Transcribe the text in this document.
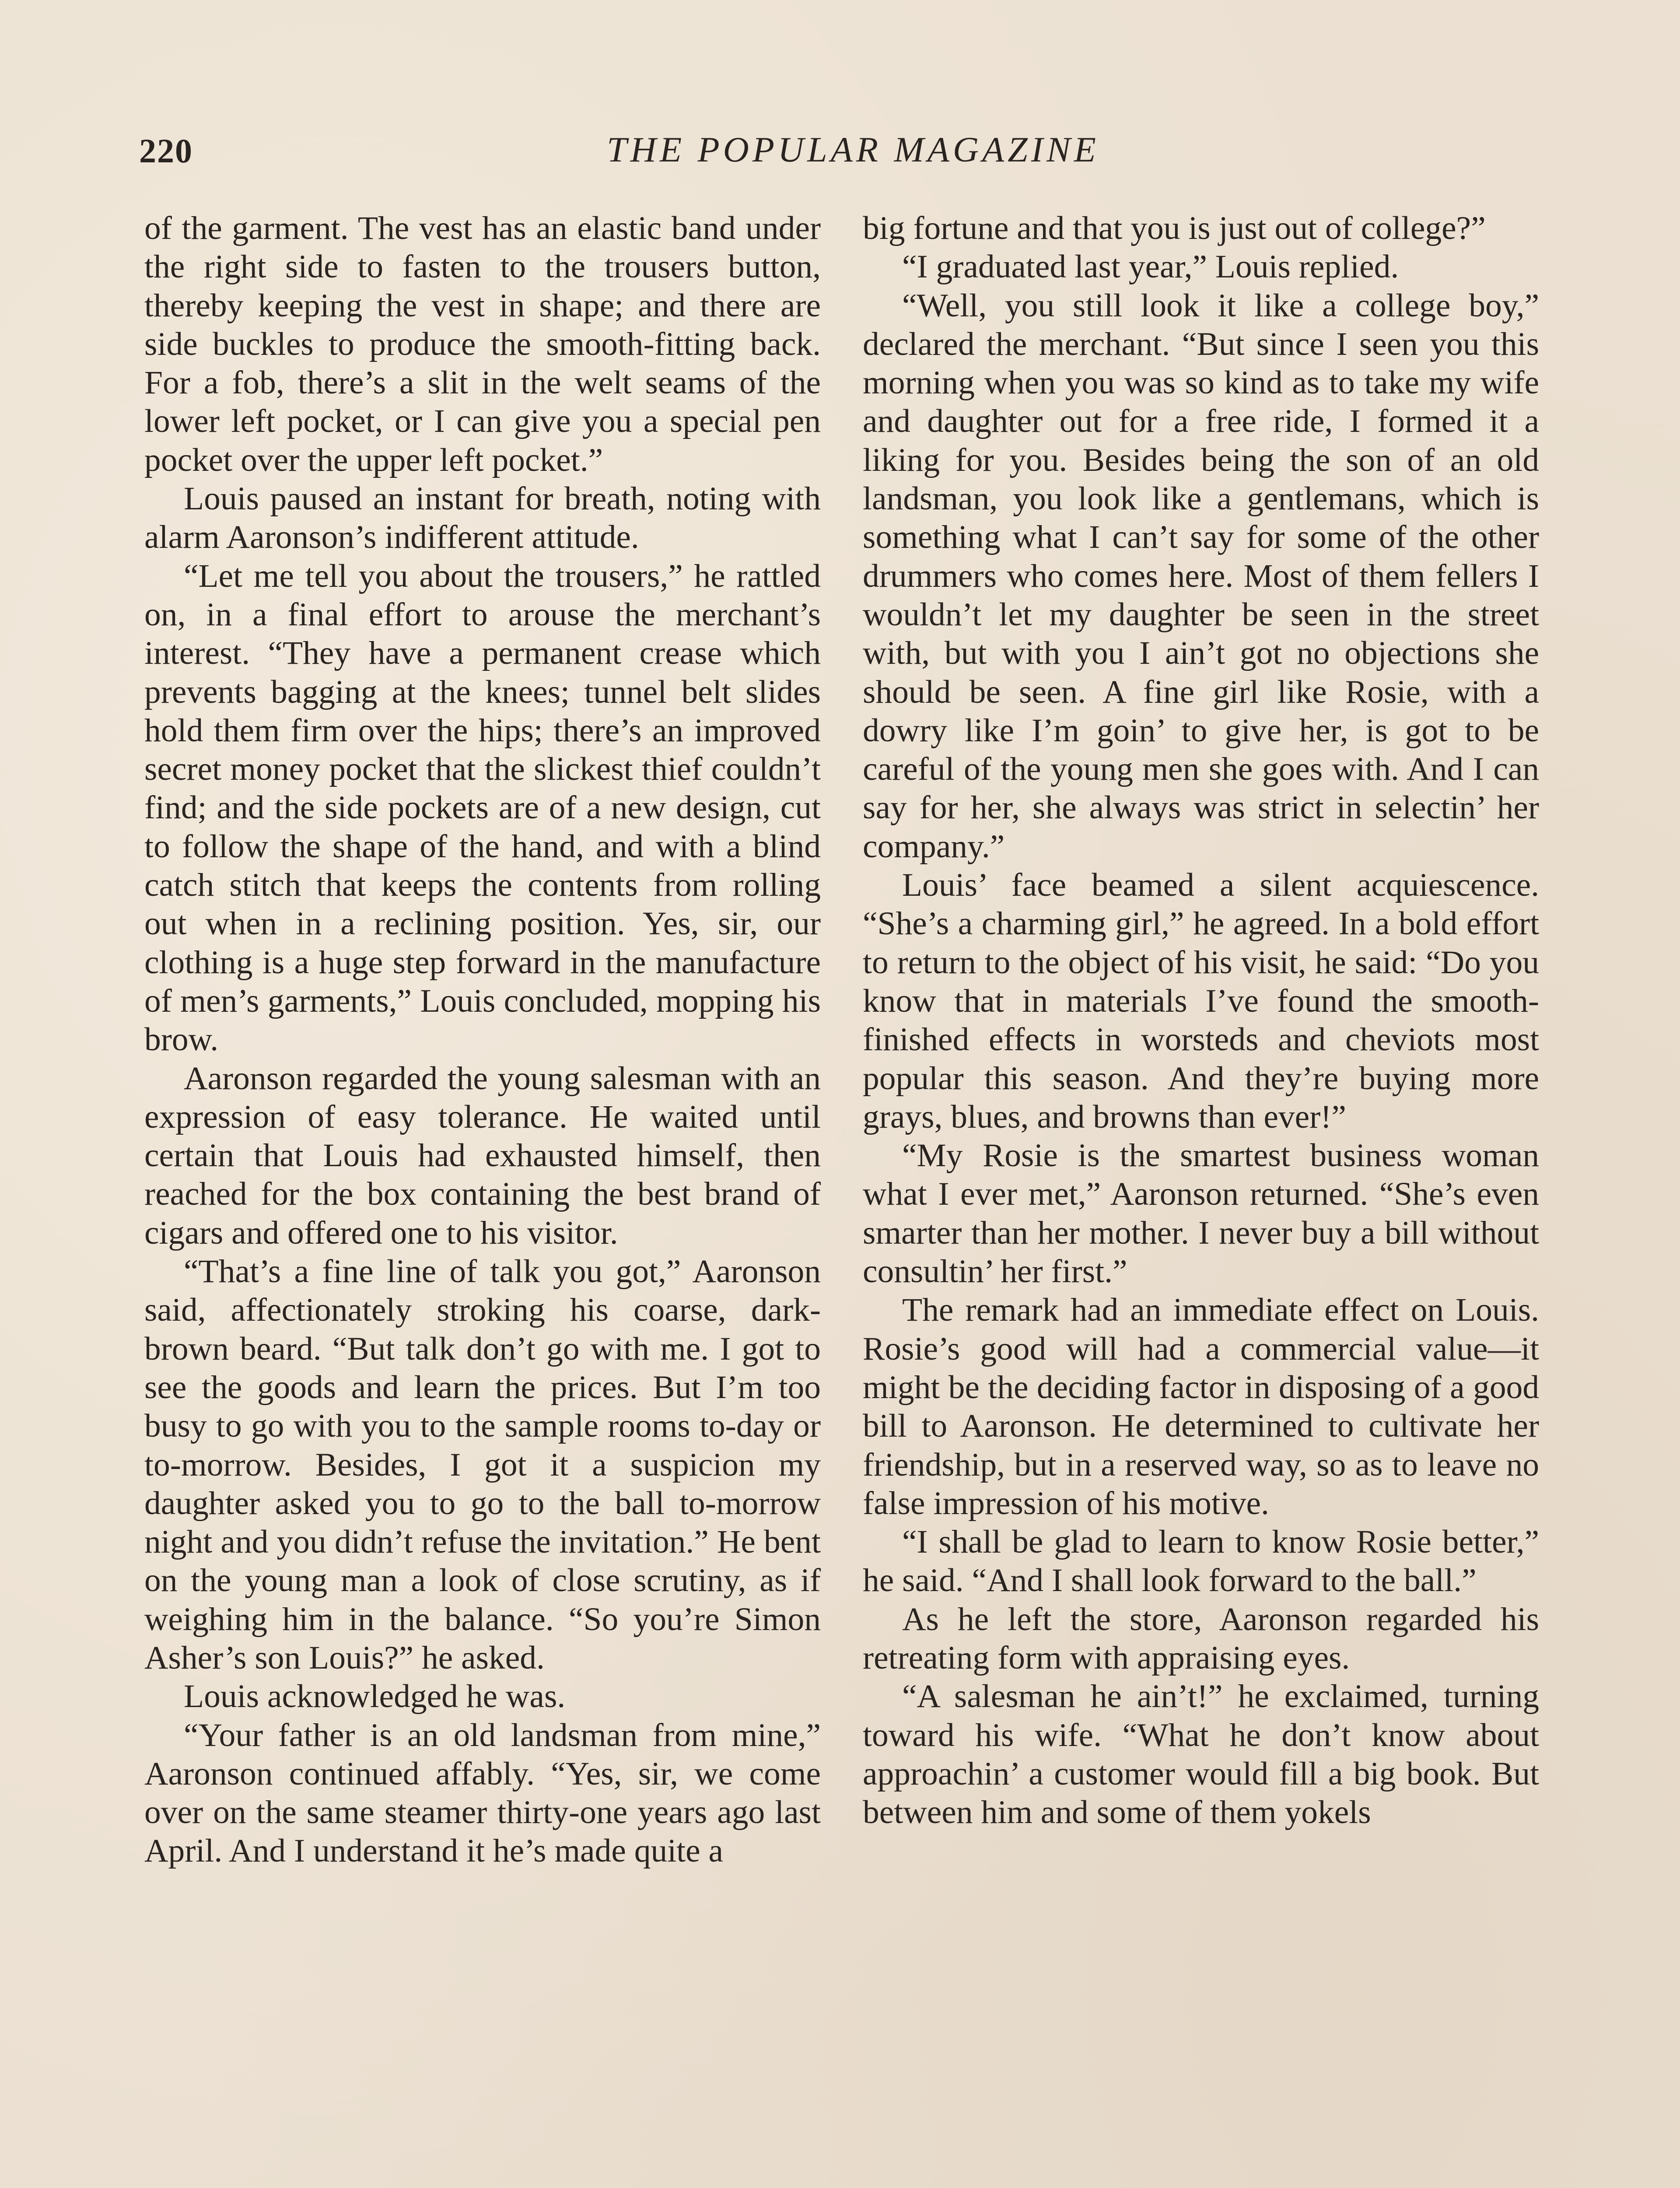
220	THE POPULAR MAGAZINE

of the garment. The vest has an elastic band under the right side to fasten to the trousers button, thereby keeping the vest in shape; and there are side buckles to produce the smooth-fitting back. For a fob, there’s a slit in the welt seams of the lower left pocket, or I can give you a special pen pocket over the upper left pocket.”

Louis paused an instant for breath, noting with alarm Aaronson’s indifferent attitude.

“Let me tell you about the trousers,” he rattled on, in a final effort to arouse the merchant’s interest. “They have a permanent crease which prevents bagging at the knees; tunnel belt slides hold them firm over the hips; there’s an improved secret money pocket that the slickest thief couldn’t find; and the side pockets are of a new design, cut to follow the shape of the hand, and with a blind catch stitch that keeps the contents from rolling out when in a reclining position. Yes, sir, our clothing is a huge step forward in the manufacture of men’s garments,” Louis concluded, mopping his brow.

Aaronson regarded the young salesman with an expression of easy tolerance. He waited until certain that Louis had exhausted himself, then reached for the box containing the best brand of cigars and offered one to his visitor.

“That’s a fine line of talk you got,” Aaronson said, affectionately stroking his coarse, dark-brown beard. “But talk don’t go with me. I got to see the goods and learn the prices. But I’m too busy to go with you to the sample rooms to-day or to-morrow. Besides, I got it a suspicion my daughter asked you to go to the ball to-morrow night and you didn’t refuse the invitation.” He bent on the young man a look of close scrutiny, as if weighing him in the balance. “So you’re Simon Asher’s son Louis?” he asked.

Louis acknowledged he was.

“Your father is an old landsman from mine,” Aaronson continued affably. “Yes, sir, we come over on the same steamer thirty-one years ago last April. And I understand it he’s made quite a

big fortune and that you is just out of college?”

“I graduated last year,” Louis replied.

“Well, you still look it like a college boy,” declared the merchant. “But since I seen you this morning when you was so kind as to take my wife and daughter out for a free ride, I formed it a liking for you. Besides being the son of an old landsman, you look like a gentlemans, which is something what I can’t say for some of the other drummers who comes here. Most of them fellers I wouldn’t let my daughter be seen in the street with, but with you I ain’t got no objections she should be seen. A fine girl like Rosie, with a dowry like I’m goin’ to give her, is got to be careful of the young men she goes with. And I can say for her, she always was strict in selectin’ her company.”

Louis’ face beamed a silent acquiescence. “She’s a charming girl,” he agreed. In a bold effort to return to the object of his visit, he said: “Do you know that in materials I’ve found the smooth-finished effects in worsteds and cheviots most popular this season. And they’re buying more grays, blues, and browns than ever!”

“My Rosie is the smartest business woman what I ever met,” Aaronson returned. “She’s even smarter than her mother. I never buy a bill without consultin’ her first.”

The remark had an immediate effect on Louis. Rosie’s good will had a commercial value—it might be the deciding factor in disposing of a good bill to Aaronson. He determined to cultivate her friendship, but in a reserved way, so as to leave no false impression of his motive.

“I shall be glad to learn to know Rosie better,” he said. “And I shall look forward to the ball.”

As he left the store, Aaronson regarded his retreating form with appraising eyes.

“A salesman he ain’t!” he exclaimed, turning toward his wife. “What he don’t know about approachin’ a customer would fill a big book. But between him and some of them yokels
